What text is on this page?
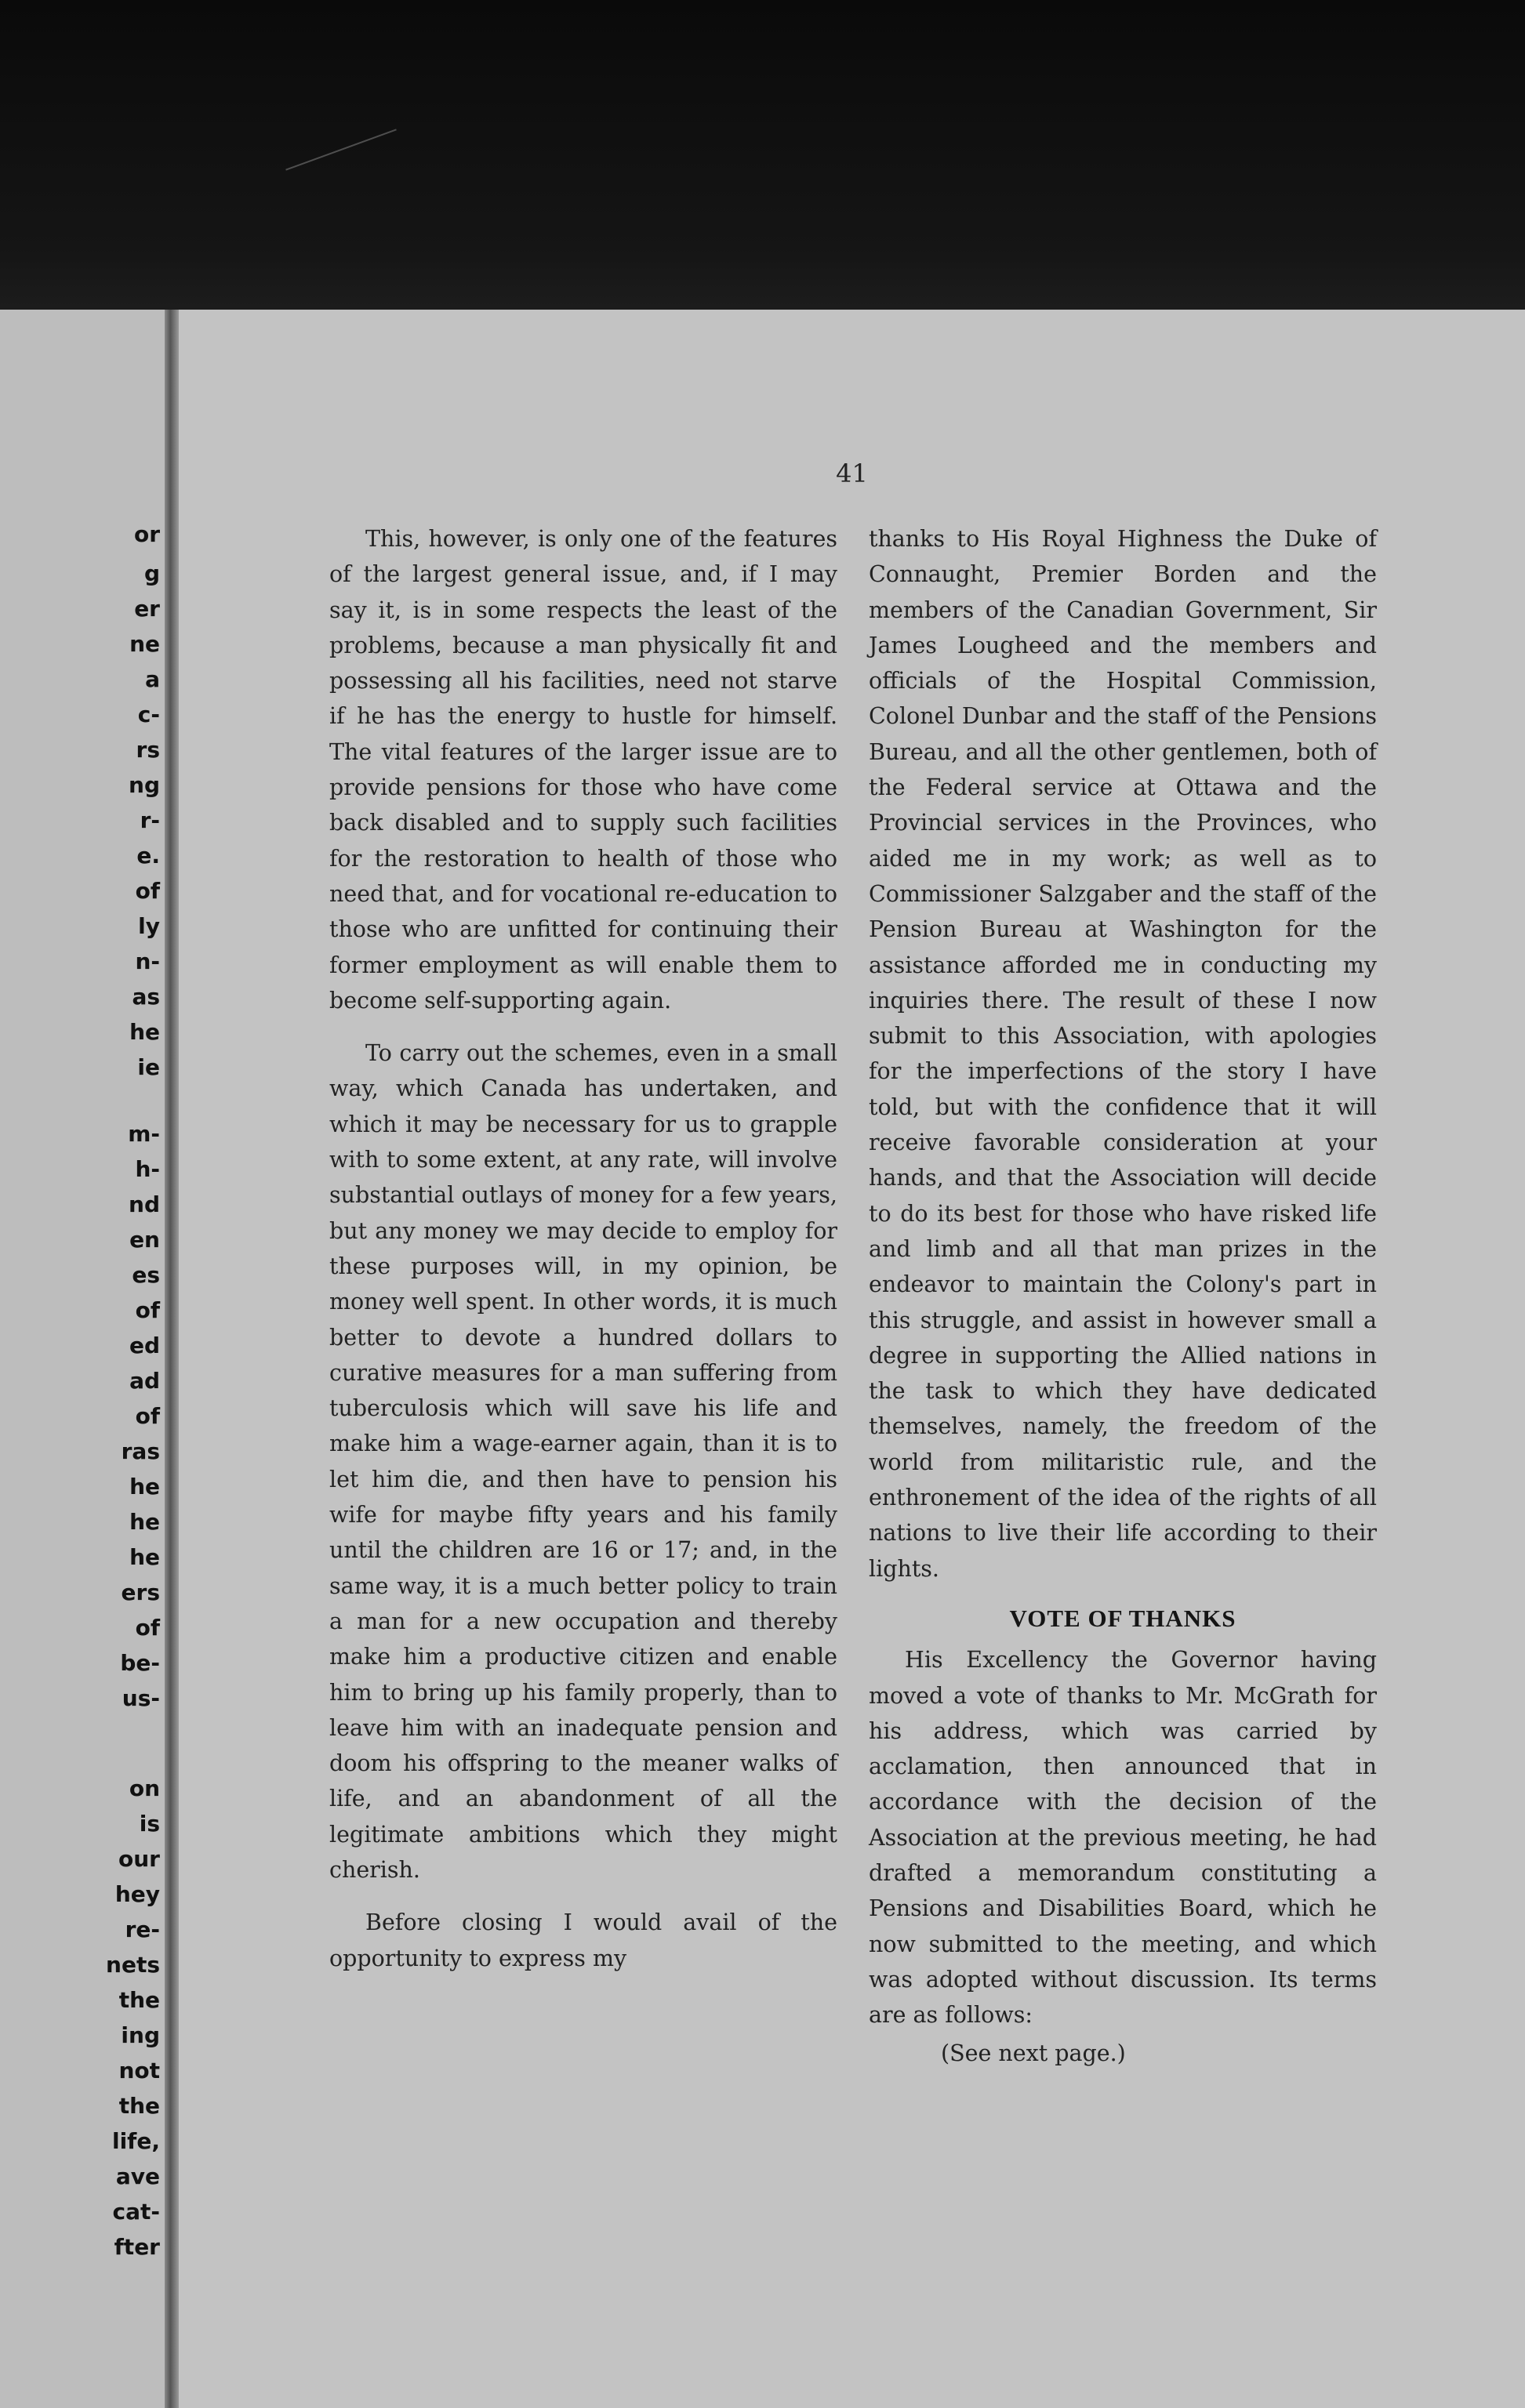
or
g
er
ne
a
c-
rs
ng
r-
e.
of
ly
n-
as
he
ie
m-
h-
nd
en
es
of
ed
ad
of
ras
he
he
he
ers
of
be-
us-
on
is
our
hey
re-
nets
the
ing
not
the
life,
ave
cat-
fter
41

This, however, is only one of the features of the largest general issue, and, if I may say it, is in some respects the least of the problems, because a man physically fit and possessing all his facilities, need not starve if he has the energy to hustle for himself. The vital features of the larger issue are to provide pensions for those who have come back disabled and to supply such facilities for the restoration to health of those who need that, and for vocational re-education to those who are unfitted for continuing their former employment as will enable them to become self-supporting again.

To carry out the schemes, even in a small way, which Canada has undertaken, and which it may be necessary for us to grapple with to some extent, at any rate, will involve substantial outlays of money for a few years, but any money we may decide to employ for these purposes will, in my opinion, be money well spent. In other words, it is much better to devote a hundred dollars to curative measures for a man suffering from tuberculosis which will save his life and make him a wage-earner again, than it is to let him die, and then have to pension his wife for maybe fifty years and his family until the children are 16 or 17; and, in the same way, it is a much better policy to train a man for a new occupation and thereby make him a productive citizen and enable him to bring up his family properly, than to leave him with an inadequate pension and doom his offspring to the meaner walks of life, and an abandonment of all the legitimate ambitions which they might cherish.

Before closing I would avail of the opportunity to express my

thanks to His Royal Highness the Duke of Connaught, Premier Borden and the members of the Canadian Government, Sir James Lougheed and the members and officials of the Hospital Commission, Colonel Dunbar and the staff of the Pensions Bureau, and all the other gentlemen, both of the Federal service at Ottawa and the Provincial services in the Provinces, who aided me in my work; as well as to Commissioner Salzgaber and the staff of the Pension Bureau at Washington for the assistance afforded me in conducting my inquiries there. The result of these I now submit to this Association, with apologies for the imperfections of the story I have told, but with the confidence that it will receive favorable consideration at your hands, and that the Association will decide to do its best for those who have risked life and limb and all that man prizes in the endeavor to maintain the Colony's part in this struggle, and assist in however small a degree in supporting the Allied nations in the task to which they have dedicated themselves, namely, the freedom of the world from militaristic rule, and the enthronement of the idea of the rights of all nations to live their life according to their lights.

VOTE OF THANKS

His Excellency the Governor having moved a vote of thanks to Mr. McGrath for his address, which was carried by acclamation, then announced that in accordance with the decision of the Association at the previous meeting, he had drafted a memorandum constituting a Pensions and Disabilities Board, which he now submitted to the meeting, and which was adopted without discussion. Its terms are as follows:

(See next page.)
